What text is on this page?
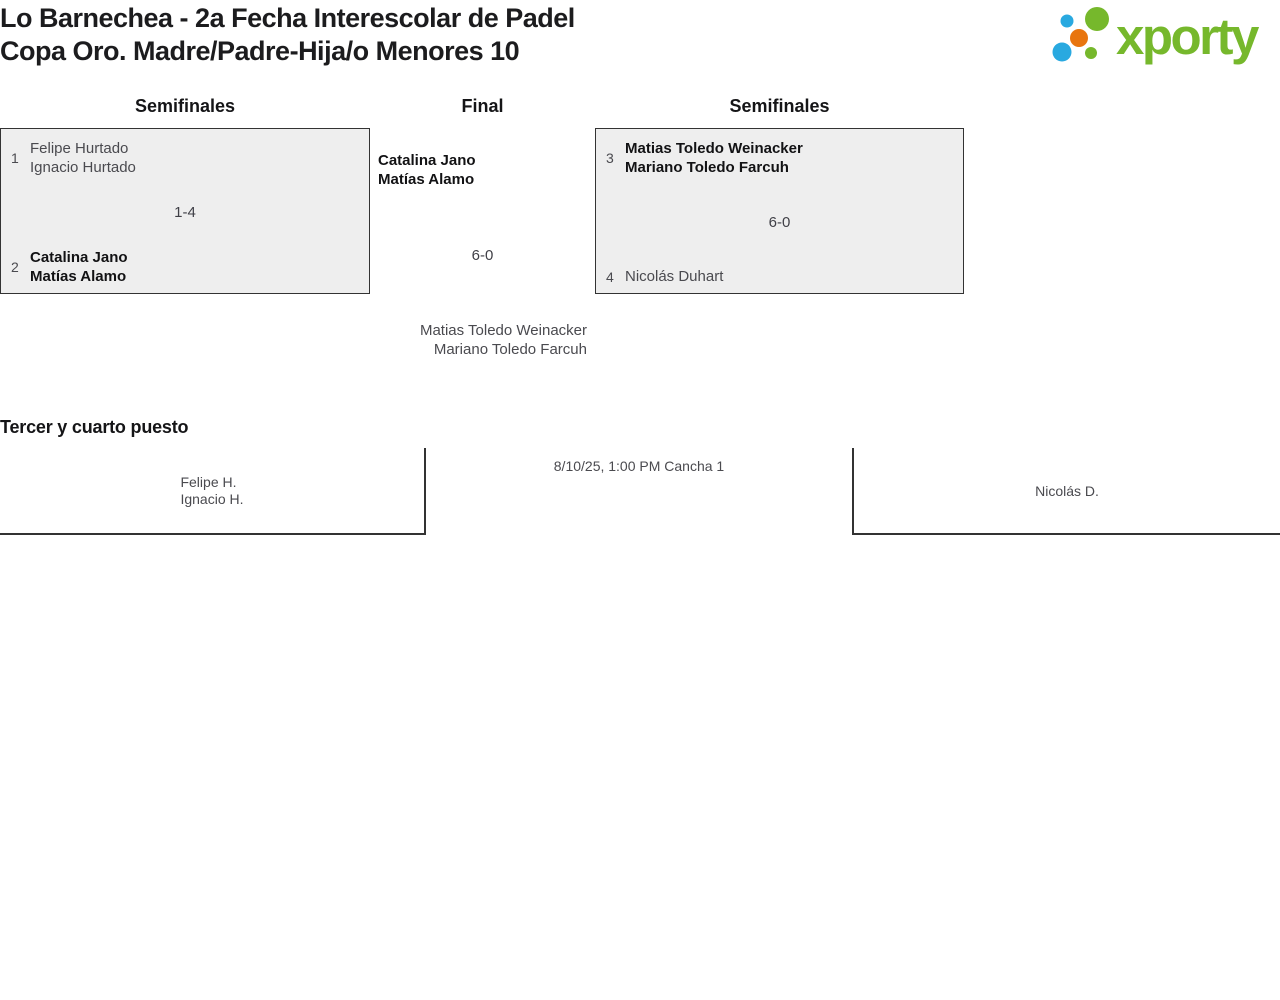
Lo Barnechea - 2a Fecha Interescolar de Padel
Copa Oro. Madre/Padre-Hija/o Menores 10	xporty
Semifinales	Final	Semifinales
1
Felipe Hurtado
Ignacio Hurtado
1-4
2
Catalina Jano
Matías Alamo
Catalina Jano
Matías Alamo
6-0
Matias Toledo Weinacker
Mariano Toledo Farcuh
3
Matias Toledo Weinacker
Mariano Toledo Farcuh
6-0
4 Nicolás Duhart
Tercer y cuarto puesto
Felipe H.
Ignacio H.
8/10/25, 1:00 PM Cancha 1
Nicolás D.
